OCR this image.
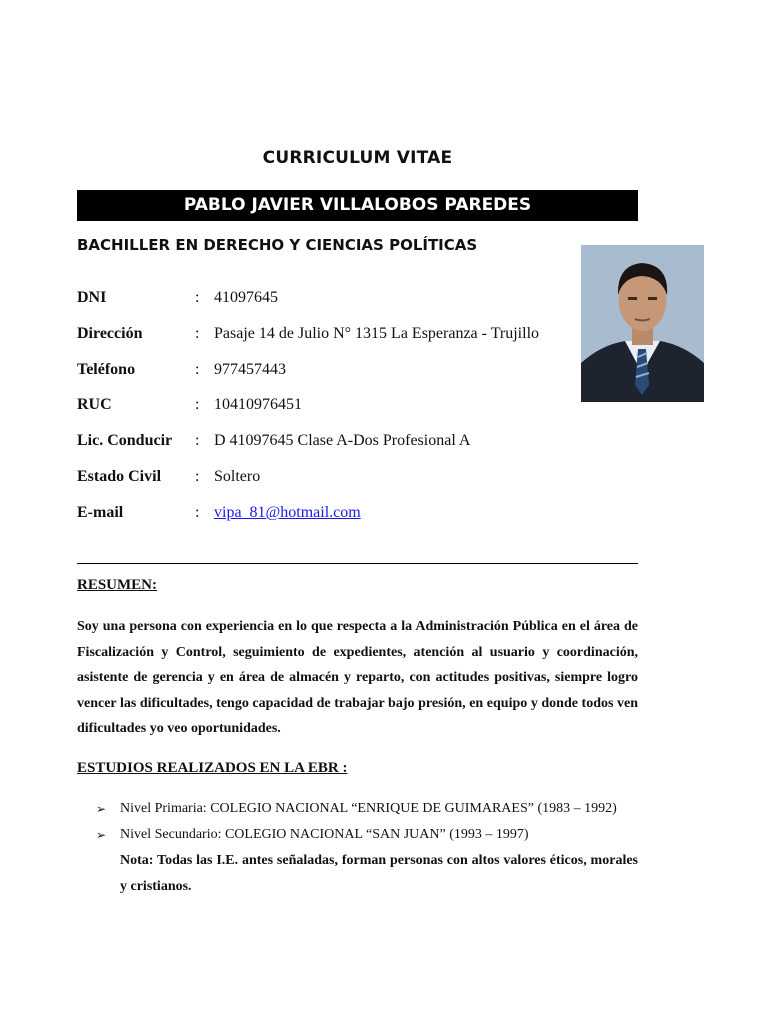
CURRICULUM VITAE
PABLO JAVIER VILLALOBOS PAREDES
BACHILLER EN DERECHO Y CIENCIAS POLÍTICAS
DNI	: 41097645
Dirección	: Pasaje 14 de Julio N° 1315 La Esperanza - Trujillo
Teléfono	: 977457443
RUC	: 10410976451
Lic. Conducir : D 41097645 Clase A-Dos Profesional A
Estado Civil : Soltero
E-mail	: vipa_81@hotmail.com
RESUMEN:

Soy una persona con experiencia en lo que respecta a la Administración Pública en el área de Fiscalización y Control, seguimiento de expedientes, atención al usuario y coordinación, asistente de gerencia y en área de almacén y reparto, con actitudes positivas, siempre logro vencer las dificultades, tengo capacidad de trabajar bajo presión, en equipo y donde todos ven dificultades yo veo oportunidades.

ESTUDIOS REALIZADOS EN LA EBR :
➢ Nivel Primaria: COLEGIO NACIONAL “ENRIQUE DE GUIMARAES” (1983 – 1992)
➢ Nivel Secundario: COLEGIO NACIONAL “SAN JUAN” (1993 – 1997)
Nota: Todas las I.E. antes señaladas, forman personas con altos valores éticos, morales y cristianos.
